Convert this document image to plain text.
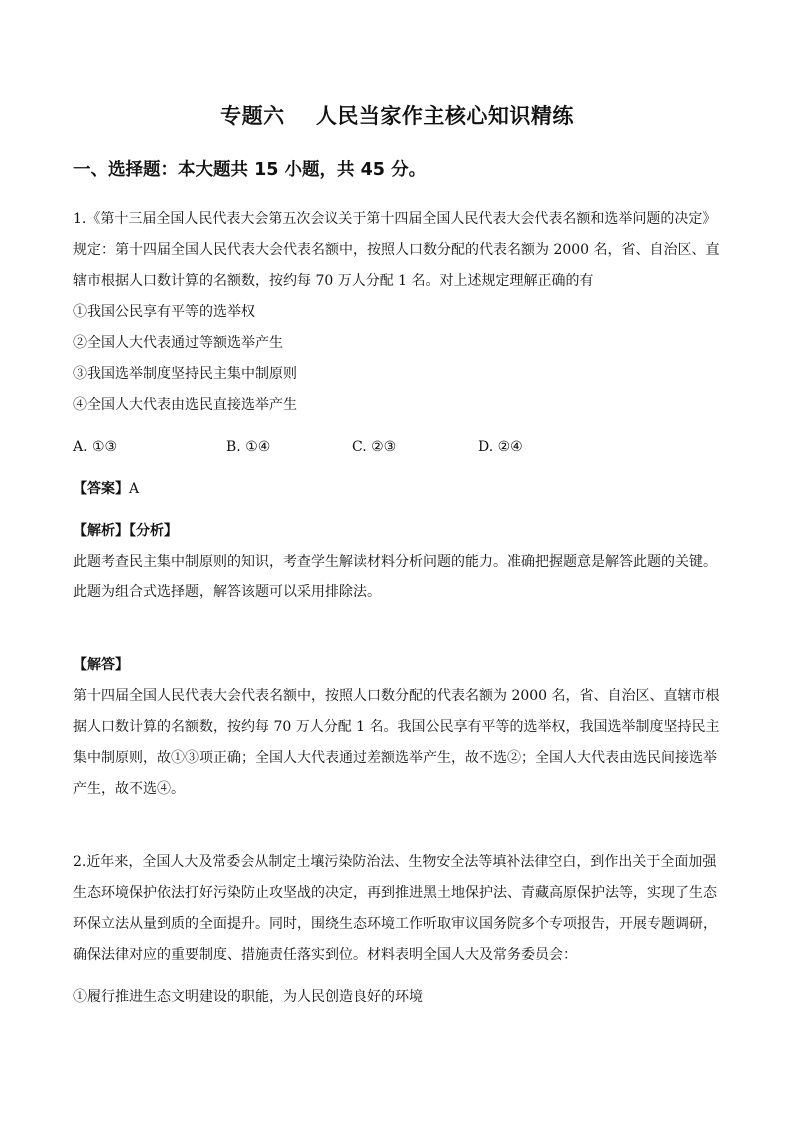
专题六    人民当家作主核心知识精练
一、选择题：本大题共 15 小题，共 45 分。
1.《第十三届全国人民代表大会第五次会议关于第十四届全国人民代表大会代表名额和选举问题的决定》
规定：第十四届全国人民代表大会代表名额中，按照人口数分配的代表名额为 2000 名，省、自治区、直
辖市根据人口数计算的名额数，按约每 70 万人分配 1 名。对上述规定理解正确的有
①我国公民享有平等的选举权
②全国人大代表通过等额选举产生
③我国选举制度坚持民主集中制原则
④全国人大代表由选民直接选举产生
A. ①③	B. ①④	C. ②③	D. ②④
【答案】A
【解析】【分析】
此题考查民主集中制原则的知识，考查学生解读材料分析问题的能力。准确把握题意是解答此题的关键。
此题为组合式选择题，解答该题可以采用排除法。
【解答】
第十四届全国人民代表大会代表名额中，按照人口数分配的代表名额为 2000 名，省、自治区、直辖市根
据人口数计算的名额数，按约每 70 万人分配 1 名。我国公民享有平等的选举权，我国选举制度坚持民主
集中制原则，故①③项正确；全国人大代表通过差额选举产生，故不选②；全国人大代表由选民间接选举
产生，故不选④。
2.近年来，全国人大及常委会从制定土壤污染防治法、生物安全法等填补法律空白，到作出关于全面加强
生态环境保护依法打好污染防止攻坚战的决定，再到推进黑土地保护法、青藏高原保护法等，实现了生态
环保立法从量到质的全面提升。同时，围绕生态环境工作听取审议国务院多个专项报告，开展专题调研，
确保法律对应的重要制度、措施责任落实到位。材料表明全国人大及常务委员会：
①履行推进生态文明建设的职能，为人民创造良好的环境
